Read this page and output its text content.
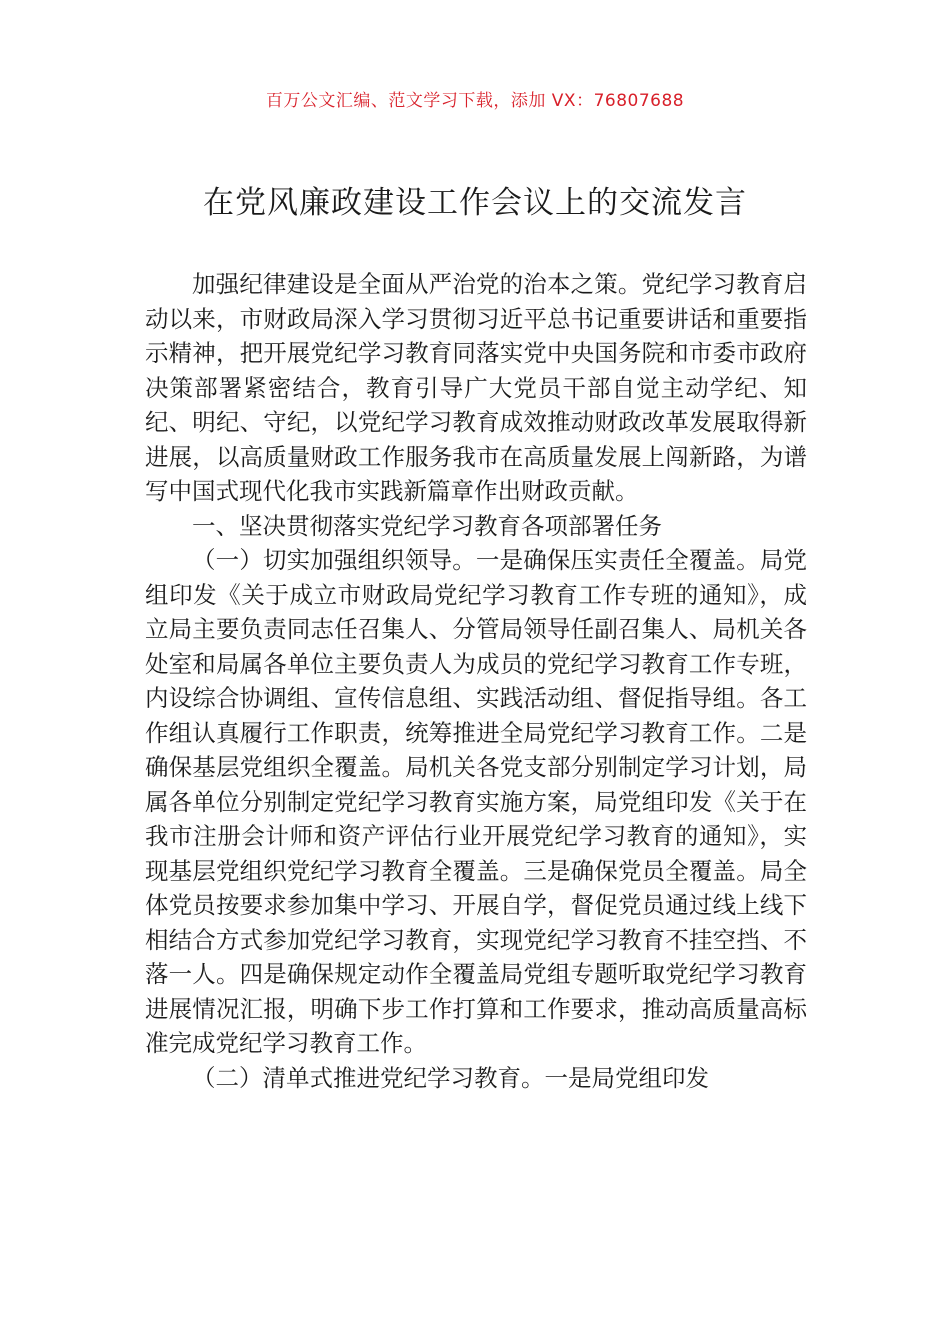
百万公文汇编、范文学习下载，添加 VX：76807688
在党风廉政建设工作会议上的交流发言

加强纪律建设是全面从严治党的治本之策。党纪学习教育启动以来，市财政局深入学习贯彻习近平总书记重要讲话和重要指示精神，把开展党纪学习教育同落实党中央国务院和市委市政府决策部署紧密结合，教育引导广大党员干部自觉主动学纪、知纪、明纪、守纪，以党纪学习教育成效推动财政改革发展取得新进展，以高质量财政工作服务我市在高质量发展上闯新路，为谱写中国式现代化我市实践新篇章作出财政贡献。

一、坚决贯彻落实党纪学习教育各项部署任务

（一）切实加强组织领导。一是确保压实责任全覆盖。局党组印发《关于成立市财政局党纪学习教育工作专班的通知》，成立局主要负责同志任召集人、分管局领导任副召集人、局机关各处室和局属各单位主要负责人为成员的党纪学习教育工作专班，内设综合协调组、宣传信息组、实践活动组、督促指导组。各工作组认真履行工作职责，统筹推进全局党纪学习教育工作。二是确保基层党组织全覆盖。局机关各党支部分别制定学习计划，局属各单位分别制定党纪学习教育实施方案，局党组印发《关于在我市注册会计师和资产评估行业开展党纪学习教育的通知》，实现基层党组织党纪学习教育全覆盖。三是确保党员全覆盖。局全体党员按要求参加集中学习、开展自学，督促党员通过线上线下相结合方式参加党纪学习教育，实现党纪学习教育不挂空挡、不落一人。四是确保规定动作全覆盖局党组专题听取党纪学习教育进展情况汇报，明确下步工作打算和工作要求，推动高质量高标准完成党纪学习教育工作。

（二）清单式推进党纪学习教育。一是局党组印发
